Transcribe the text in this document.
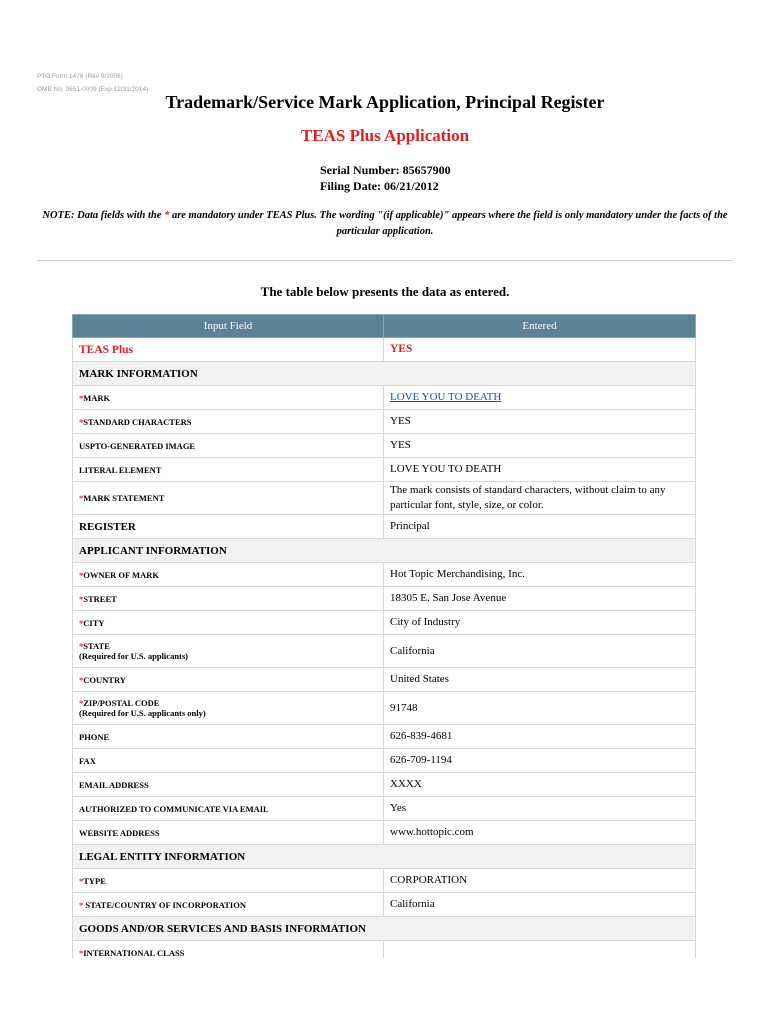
PTO Form 1478 (Rev 9/2006)
OMB No. 0651-0009 (Exp 12/31/2014)
Trademark/Service Mark Application, Principal Register
TEAS Plus Application
Serial Number: 85657900
Filing Date: 06/21/2012
NOTE: Data fields with the * are mandatory under TEAS Plus. The wording "(if applicable)" appears where the field is only mandatory under the facts of the particular application.
The table below presents the data as entered.
Input Field	Entered
TEAS Plus	YES
MARK INFORMATION	
*MARK	LOVE YOU TO DEATH
*STANDARD CHARACTERS	YES
USPTO-GENERATED IMAGE	YES
LITERAL ELEMENT	LOVE YOU TO DEATH
*MARK STATEMENT	The mark consists of standard characters, without claim to any particular font, style, size, or color.
REGISTER	Principal
APPLICANT INFORMATION	
*OWNER OF MARK	Hot Topic Merchandising, Inc.
*STREET	18305 E. San Jose Avenue
*CITY	City of Industry
*STATE
(Required for U.S. applicants)	California
*COUNTRY	United States
*ZIP/POSTAL CODE
(Required for U.S. applicants only)	91748
PHONE	626-839-4681
FAX	626-709-1194
EMAIL ADDRESS	XXXX
AUTHORIZED TO COMMUNICATE VIA EMAIL	Yes
WEBSITE ADDRESS	www.hottopic.com
LEGAL ENTITY INFORMATION	
*TYPE	CORPORATION
* STATE/COUNTRY OF INCORPORATION	California
GOODS AND/OR SERVICES AND BASIS INFORMATION	
*INTERNATIONAL CLASS	
